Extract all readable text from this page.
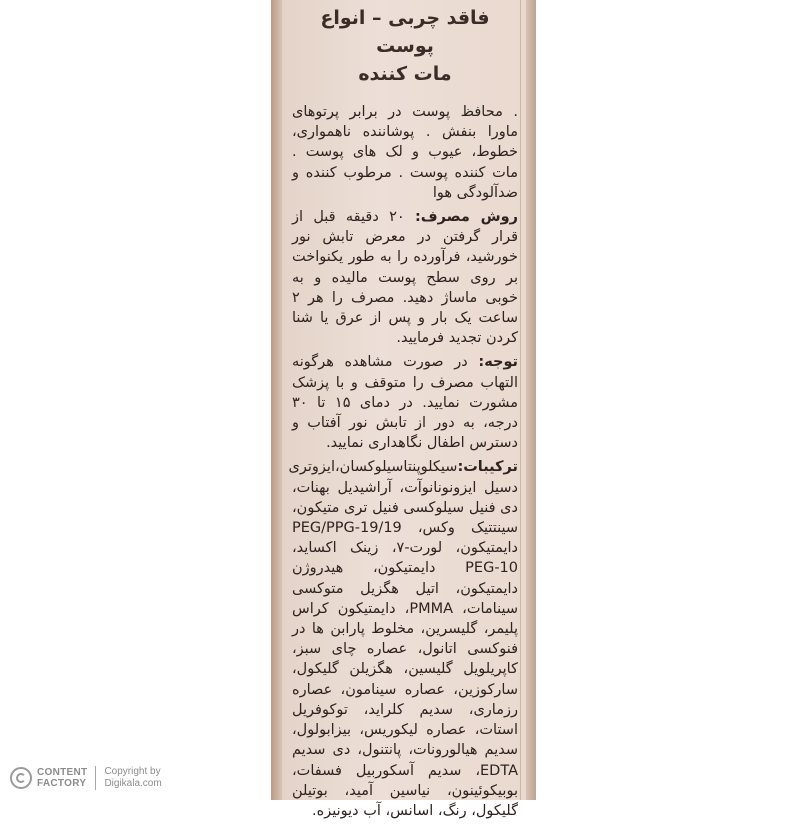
فاقد چربی – انواع پوست
مات کننده

. محافظ پوست در برابر پرتوهای ماورا بنفش . پوشاننده ناهمواری، خطوط، عیوب و لک های پوست . مات کننده پوست . مرطوب کننده و ضدآلودگی هوا

روش مصرف: ۲۰ دقیقه قبل از قرار گرفتن در معرض تابش نور خورشید، فرآورده را به طور یکنواخت بر روی سطح پوست مالیده و به خوبی ماساژ دهید. مصرف را هر ۲ ساعت یک بار و پس از عرق یا شنا کردن تجدید فرمایید.

توجه: در صورت مشاهده هرگونه التهاب مصرف را متوقف و با پزشک مشورت نمایید. در دمای ۱۵ تا ۳۰ درجه، به دور از تابش نور آفتاب و دسترس اطفال نگاهداری نمایید.

ترکیبات:سیکلوپنتاسیلوکسان،ایزوتری دسیل ایزونونانوآت، آراشیدیل بهنات، دی فنیل سیلوکسی فنیل تری متیکون، سینتتیک وکس، PEG/PPG-19/19 دایمتیکون، لورت-۷، زینک اکساید، PEG-10 دایمتیکون، هیدروژن دایمتیکون، اتیل هگزیل متوکسی سینامات، PMMA، دایمتیکون کراس پلیمر، گلیسرین، مخلوط پارابن ها در فنوکسی اتانول، عصاره چای سبز، کاپریلویل گلیسین، هگزیلن گلیکول، سارکوزین، عصاره سینامون، عصاره رزماری، سدیم کلراید، توکوفریل استات، عصاره لیکوریس، بیزابولول، سدیم هیالورونات، پانتنول، دی سدیم EDTA، سدیم آسکوربیل فسفات، بوبیکوئینون، نیاسین آمید، بوتیلن گلیکول، رنگ، اسانس، آب دیونیزه.

CONTENT
FACTORY
Copyright by
Digikala.com
